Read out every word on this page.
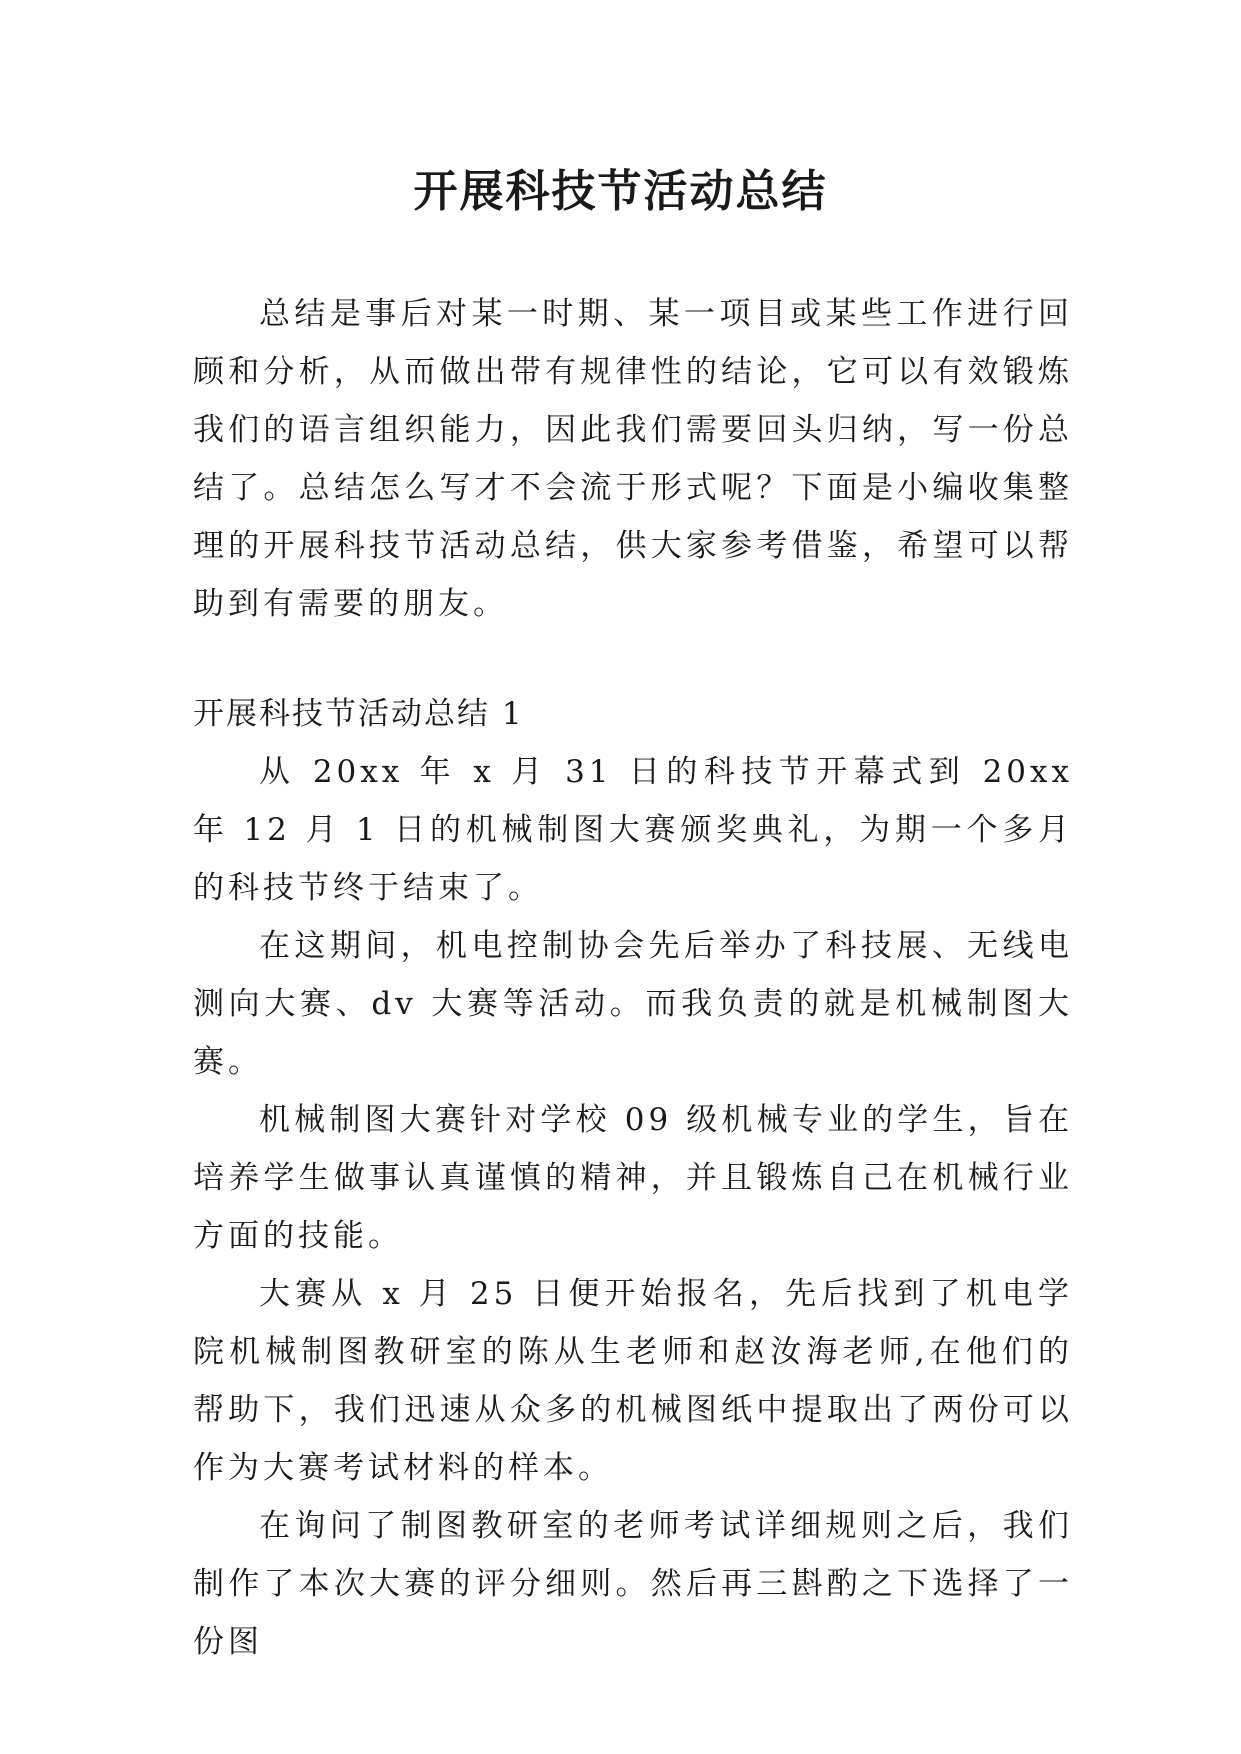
开展科技节活动总结

总结是事后对某一时期、某一项目或某些工作进行回顾和分析，从而做出带有规律性的结论，它可以有效锻炼我们的语言组织能力，因此我们需要回头归纳，写一份总结了。总结怎么写才不会流于形式呢？下面是小编收集整理的开展科技节活动总结，供大家参考借鉴，希望可以帮助到有需要的朋友。

开展科技节活动总结 1

从 20xx 年 x 月 31 日的科技节开幕式到 20xx 年 12 月 1 日的机械制图大赛颁奖典礼，为期一个多月的科技节终于结束了。

在这期间，机电控制协会先后举办了科技展、无线电测向大赛、dv 大赛等活动。而我负责的就是机械制图大赛。

机械制图大赛针对学校 09 级机械专业的学生，旨在培养学生做事认真谨慎的精神，并且锻炼自己在机械行业方面的技能。

大赛从 x 月 25 日便开始报名，先后找到了机电学院机械制图教研室的陈从生老师和赵汝海老师,在他们的帮助下，我们迅速从众多的机械图纸中提取出了两份可以作为大赛考试材料的样本。

在询问了制图教研室的老师考试详细规则之后，我们制作了本次大赛的评分细则。然后再三斟酌之下选择了一份图
